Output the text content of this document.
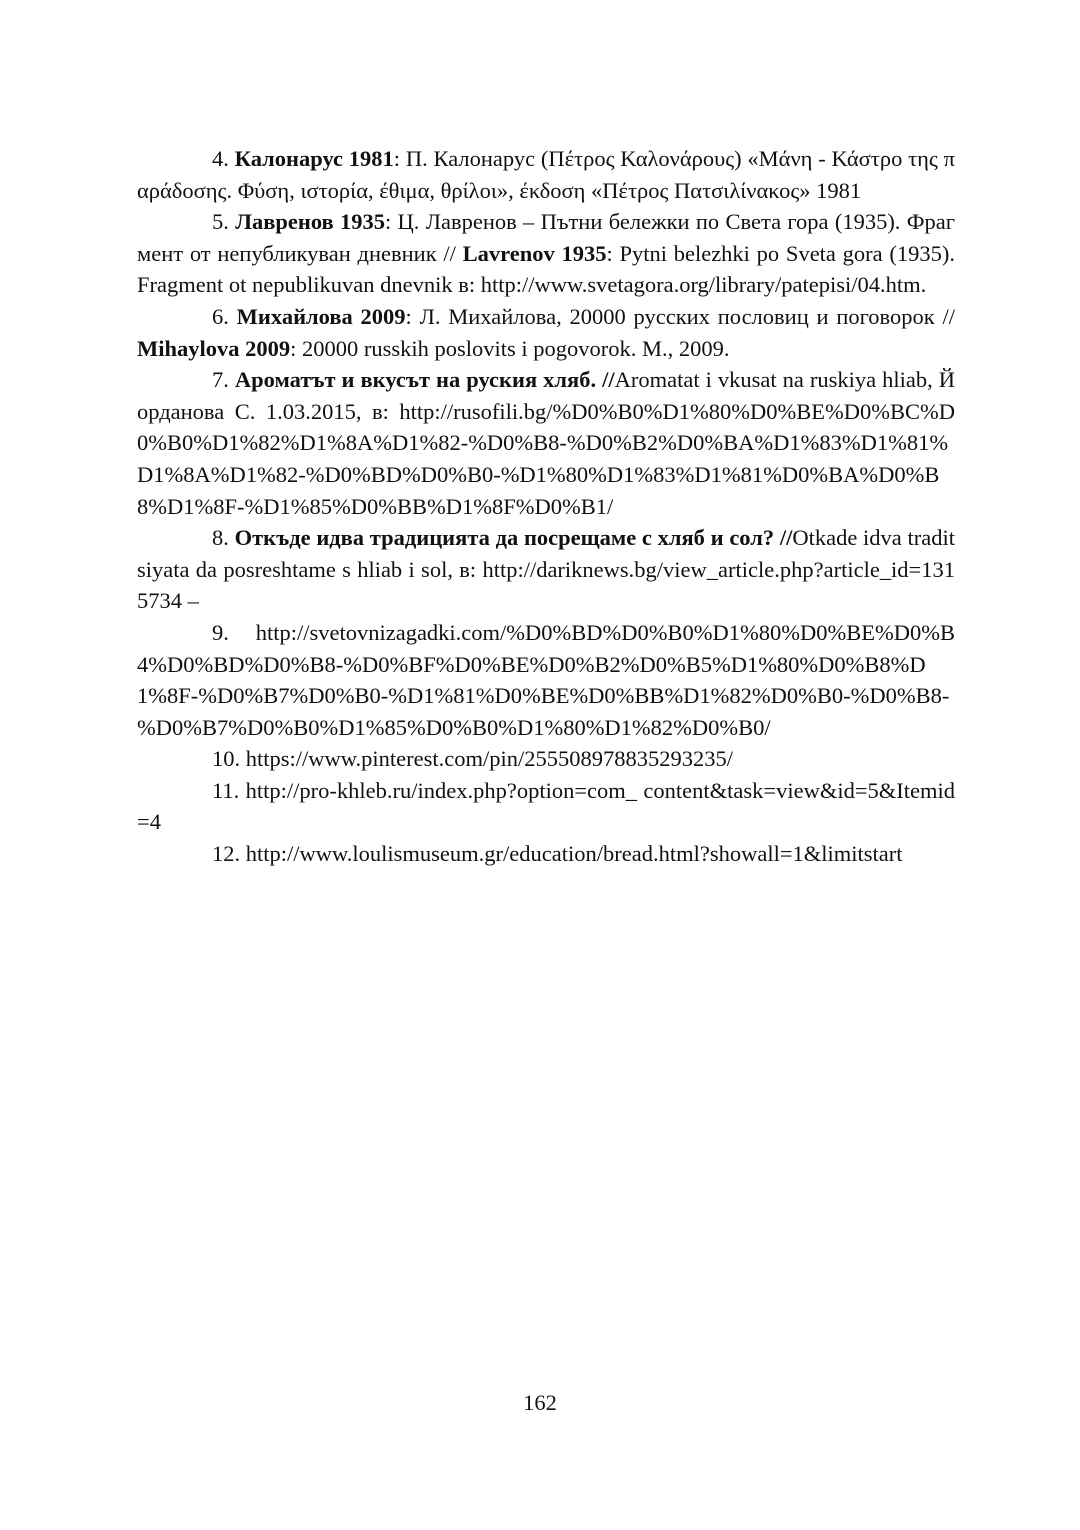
4. Калонарус 1981: П. Калонарус (Πέτρος Καλονάρους) «Μάνη - Κάστρο της παράδοσης. Φύση, ιστορία, έθιμα, θρίλοι», έκδοση «Πέτρος Πατσιλίνακος» 1981

5. Лавренов 1935: Ц. Лавренов – Пътни бележки по Света гора (1935). Фрагмент от непубликуван дневник // Lavrenov 1935: Pytni belezhki po Sveta gora (1935). Fragment ot nepublikuvan dnevnik в: http://www.svetagora.org/library/patepisi/04.htm.

6. Михайлова 2009: Л. Михайлова, 20000 русских пословиц и поговорок // Mihaylova 2009: 20000 russkih poslovits i pogovorok. М., 2009.

7. Ароматът и вкусът на руския хляб. //Aromatat i vkusat na ruskiya hliab, Йорданова С. 1.03.2015, в: http://rusofili.bg/%D0%B0%D1%80%D0%BE%D0%BC%D0%B0%D1%82%D1%8A%D1%82-%D0%B8-%D0%B2%D0%BA%D1%83%D1%81%D1%8A%D1%82-%D0%BD%D0%B0-%D1%80%D1%83%D1%81%D0%BA%D0%B8%D1%8F-%D1%85%D0%BB%D1%8F%D0%B1/

8. Откъде идва традицията да посрещаме с хляб и сол? //Otkade idva traditsiyata da posreshtame s hliab i sol, в: http://dariknews.bg/view_article.php?article_id=1315734 –

9. http://svetovnizagadki.com/%D0%BD%D0%B0%D1%80%D0%BE%D0%B4%D0%BD%D0%B8-%D0%BF%D0%BE%D0%B2%D0%B5%D1%80%D0%B8%D1%8F-%D0%B7%D0%B0-%D1%81%D0%BE%D0%BB%D1%82%D0%B0-%D0%B8-%D0%B7%D0%B0%D1%85%D0%B0%D1%80%D1%82%D0%B0/

10. https://www.pinterest.com/pin/255508978835293235/

11. http://pro-khleb.ru/index.php?option=com_ content&task=view&id=5&Itemid=4

12. http://www.loulismuseum.gr/education/bread.html?showall=1&limitstart

162
